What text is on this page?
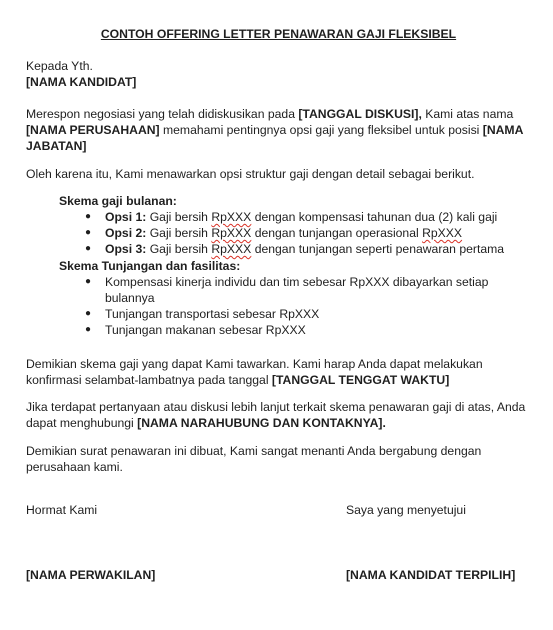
CONTOH OFFERING LETTER PENAWARAN GAJI FLEKSIBEL
Kepada Yth.
[NAMA KANDIDAT]
Merespon negosiasi yang telah didiskusikan pada [TANGGAL DISKUSI], Kami atas nama
[NAMA PERUSAHAAN] memahami pentingnya opsi gaji yang fleksibel untuk posisi [NAMA
JABATAN]
Oleh karena itu, Kami menawarkan opsi struktur gaji dengan detail sebagai berikut.
Skema gaji bulanan:
● Opsi 1: Gaji bersih RpXXX dengan kompensasi tahunan dua (2) kali gaji
● Opsi 2: Gaji bersih RpXXX dengan tunjangan operasional RpXXX
● Opsi 3: Gaji bersih RpXXX dengan tunjangan seperti penawaran pertama
Skema Tunjangan dan fasilitas:
● Kompensasi kinerja individu dan tim sebesar RpXXX dibayarkan setiap
bulannya
● Tunjangan transportasi sebesar RpXXX
● Tunjangan makanan sebesar RpXXX
Demikian skema gaji yang dapat Kami tawarkan. Kami harap Anda dapat melakukan
konfirmasi selambat-lambatnya pada tanggal [TANGGAL TENGGAT WAKTU]
Jika terdapat pertanyaan atau diskusi lebih lanjut terkait skema penawaran gaji di atas, Anda
dapat menghubungi [NAMA NARAHUBUNG DAN KONTAKNYA].
Demikian surat penawaran ini dibuat, Kami sangat menanti Anda bergabung dengan
perusahaan kami.
Hormat Kami	Saya yang menyetujui
[NAMA PERWAKILAN]	[NAMA KANDIDAT TERPILIH]
